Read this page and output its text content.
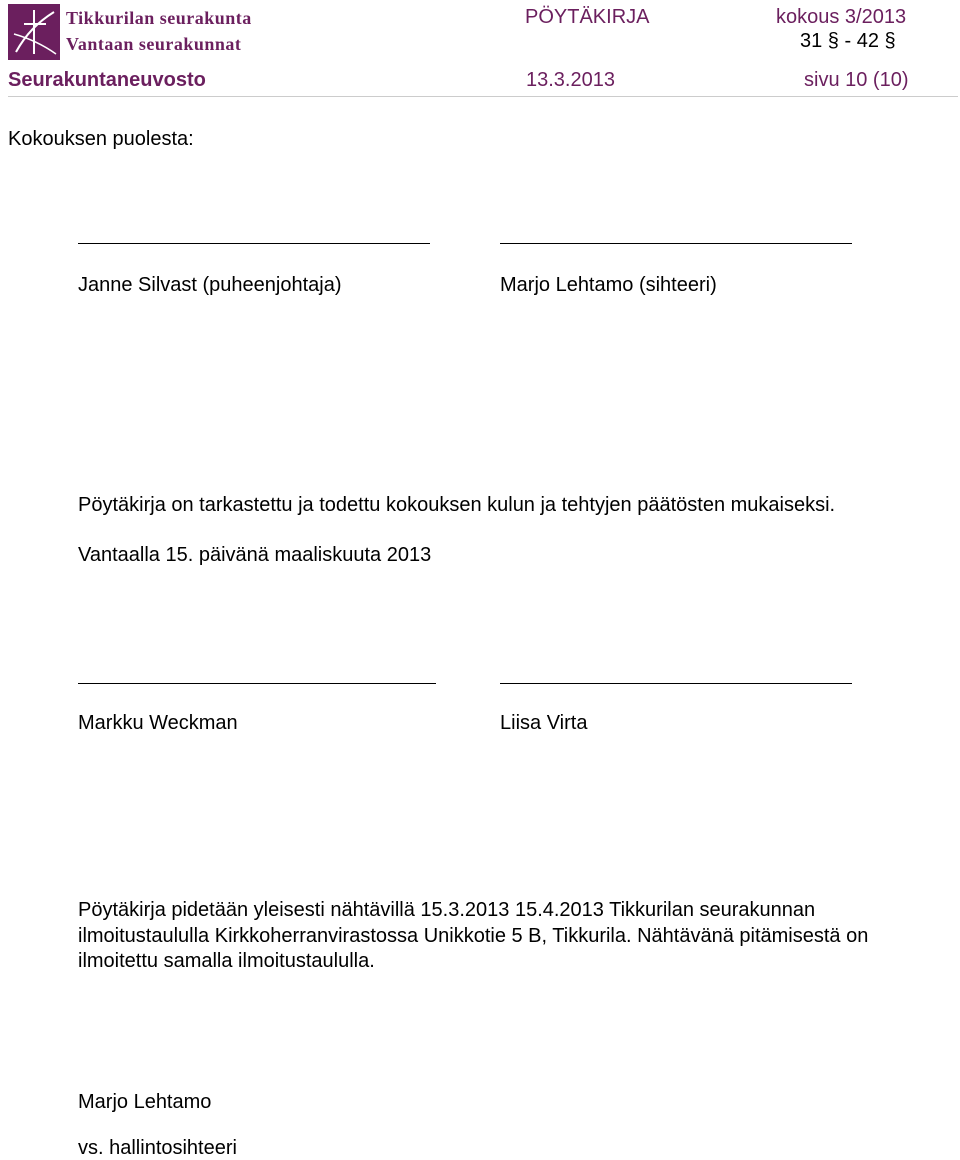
Tikkurilan seurakunta
Vantaan seurakunnat
PÖYTÄKIRJA	kokous 3/2013
31 § - 42 §
Seurakuntaneuvosto	13.3.2013	sivu 10 (10)
Kokouksen puolesta:
Janne Silvast (puheenjohtaja)	Marjo Lehtamo (sihteeri)
Pöytäkirja on tarkastettu ja todettu kokouksen kulun ja tehtyjen päätösten mukaiseksi.
Vantaalla 15. päivänä maaliskuuta 2013
Markku Weckman	Liisa Virta
Pöytäkirja pidetään yleisesti nähtävillä 15.3.2013 15.4.2013 Tikkurilan seurakunnan ilmoitustaululla Kirkkoherranvirastossa Unikkotie 5 B, Tikkurila. Nähtävänä pitämisestä on ilmoitettu samalla ilmoitustaululla.
Marjo Lehtamo
vs. hallintosihteeri
